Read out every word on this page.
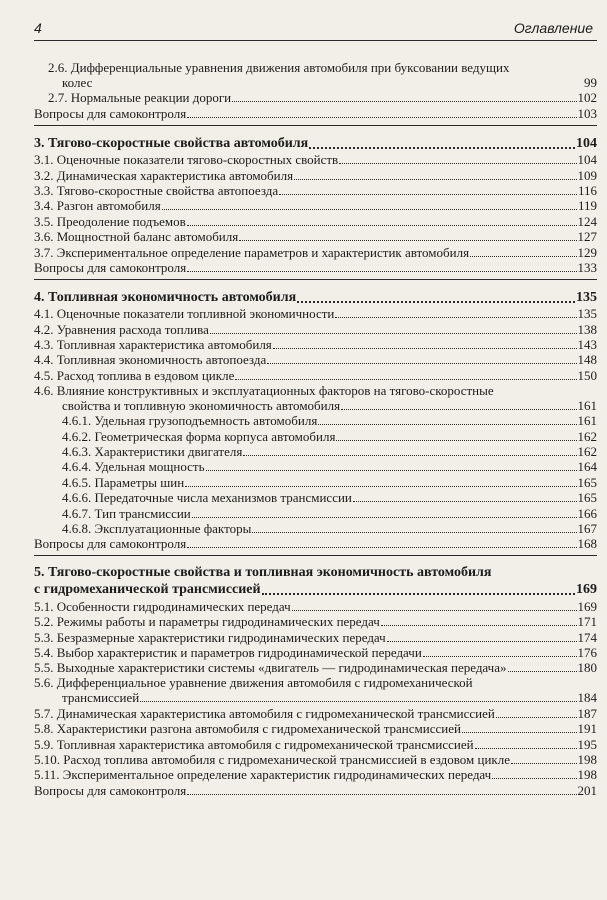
4	Оглавление
2.6. Дифференциальные уравнения движения автомобиля при буксовании ведущих
колес	99
2.7. Нормальные реакции дороги	102
Вопросы для самоконтроля	103
3. Тягово-скоростные свойства автомобиля	104
3.1. Оценочные показатели тягово-скоростных свойств	104
3.2. Динамическая характеристика автомобиля	109
3.3. Тягово-скоростные свойства автопоезда	116
3.4. Разгон автомобиля	119
3.5. Преодоление подъемов	124
3.6. Мощностной баланс автомобиля	127
3.7. Экспериментальное определение параметров и характеристик автомобиля	129
Вопросы для самоконтроля	133
4. Топливная экономичность автомобиля	135
4.1. Оценочные показатели топливной экономичности	135
4.2. Уравнения расхода топлива	138
4.3. Топливная характеристика автомобиля	143
4.4. Топливная экономичность автопоезда	148
4.5. Расход топлива в ездовом цикле	150
4.6. Влияние конструктивных и эксплуатационных факторов на тягово-скоростные
свойства и топливную экономичность автомобиля	161
4.6.1. Удельная грузоподъемность автомобиля	161
4.6.2. Геометрическая форма корпуса автомобиля	162
4.6.3. Характеристики двигателя	162
4.6.4. Удельная мощность	164
4.6.5. Параметры шин	165
4.6.6. Передаточные числа механизмов трансмиссии	165
4.6.7. Тип трансмиссии	166
4.6.8. Эксплуатационные факторы	167
Вопросы для самоконтроля	168
5. Тягово-скоростные свойства и топливная экономичность автомобиля
с гидромеханической трансмиссией	169
5.1. Особенности гидродинамических передач	169
5.2. Режимы работы и параметры гидродинамических передач	171
5.3. Безразмерные характеристики гидродинамических передач	174
5.4. Выбор характеристик и параметров гидродинамической передачи	176
5.5. Выходные характеристики системы «двигатель — гидродинамическая передача»	180
5.6. Дифференциальное уравнение движения автомобиля с гидромеханической
трансмиссией	184
5.7. Динамическая характеристика автомобиля с гидромеханической трансмиссией	187
5.8. Характеристики разгона автомобиля с гидромеханической трансмиссией	191
5.9. Топливная характеристика автомобиля с гидромеханической трансмиссией	195
5.10. Расход топлива автомобиля с гидромеханической трансмиссией в ездовом цикле	198
5.11. Экспериментальное определение характеристик гидродинамических передач	198
Вопросы для самоконтроля	201
